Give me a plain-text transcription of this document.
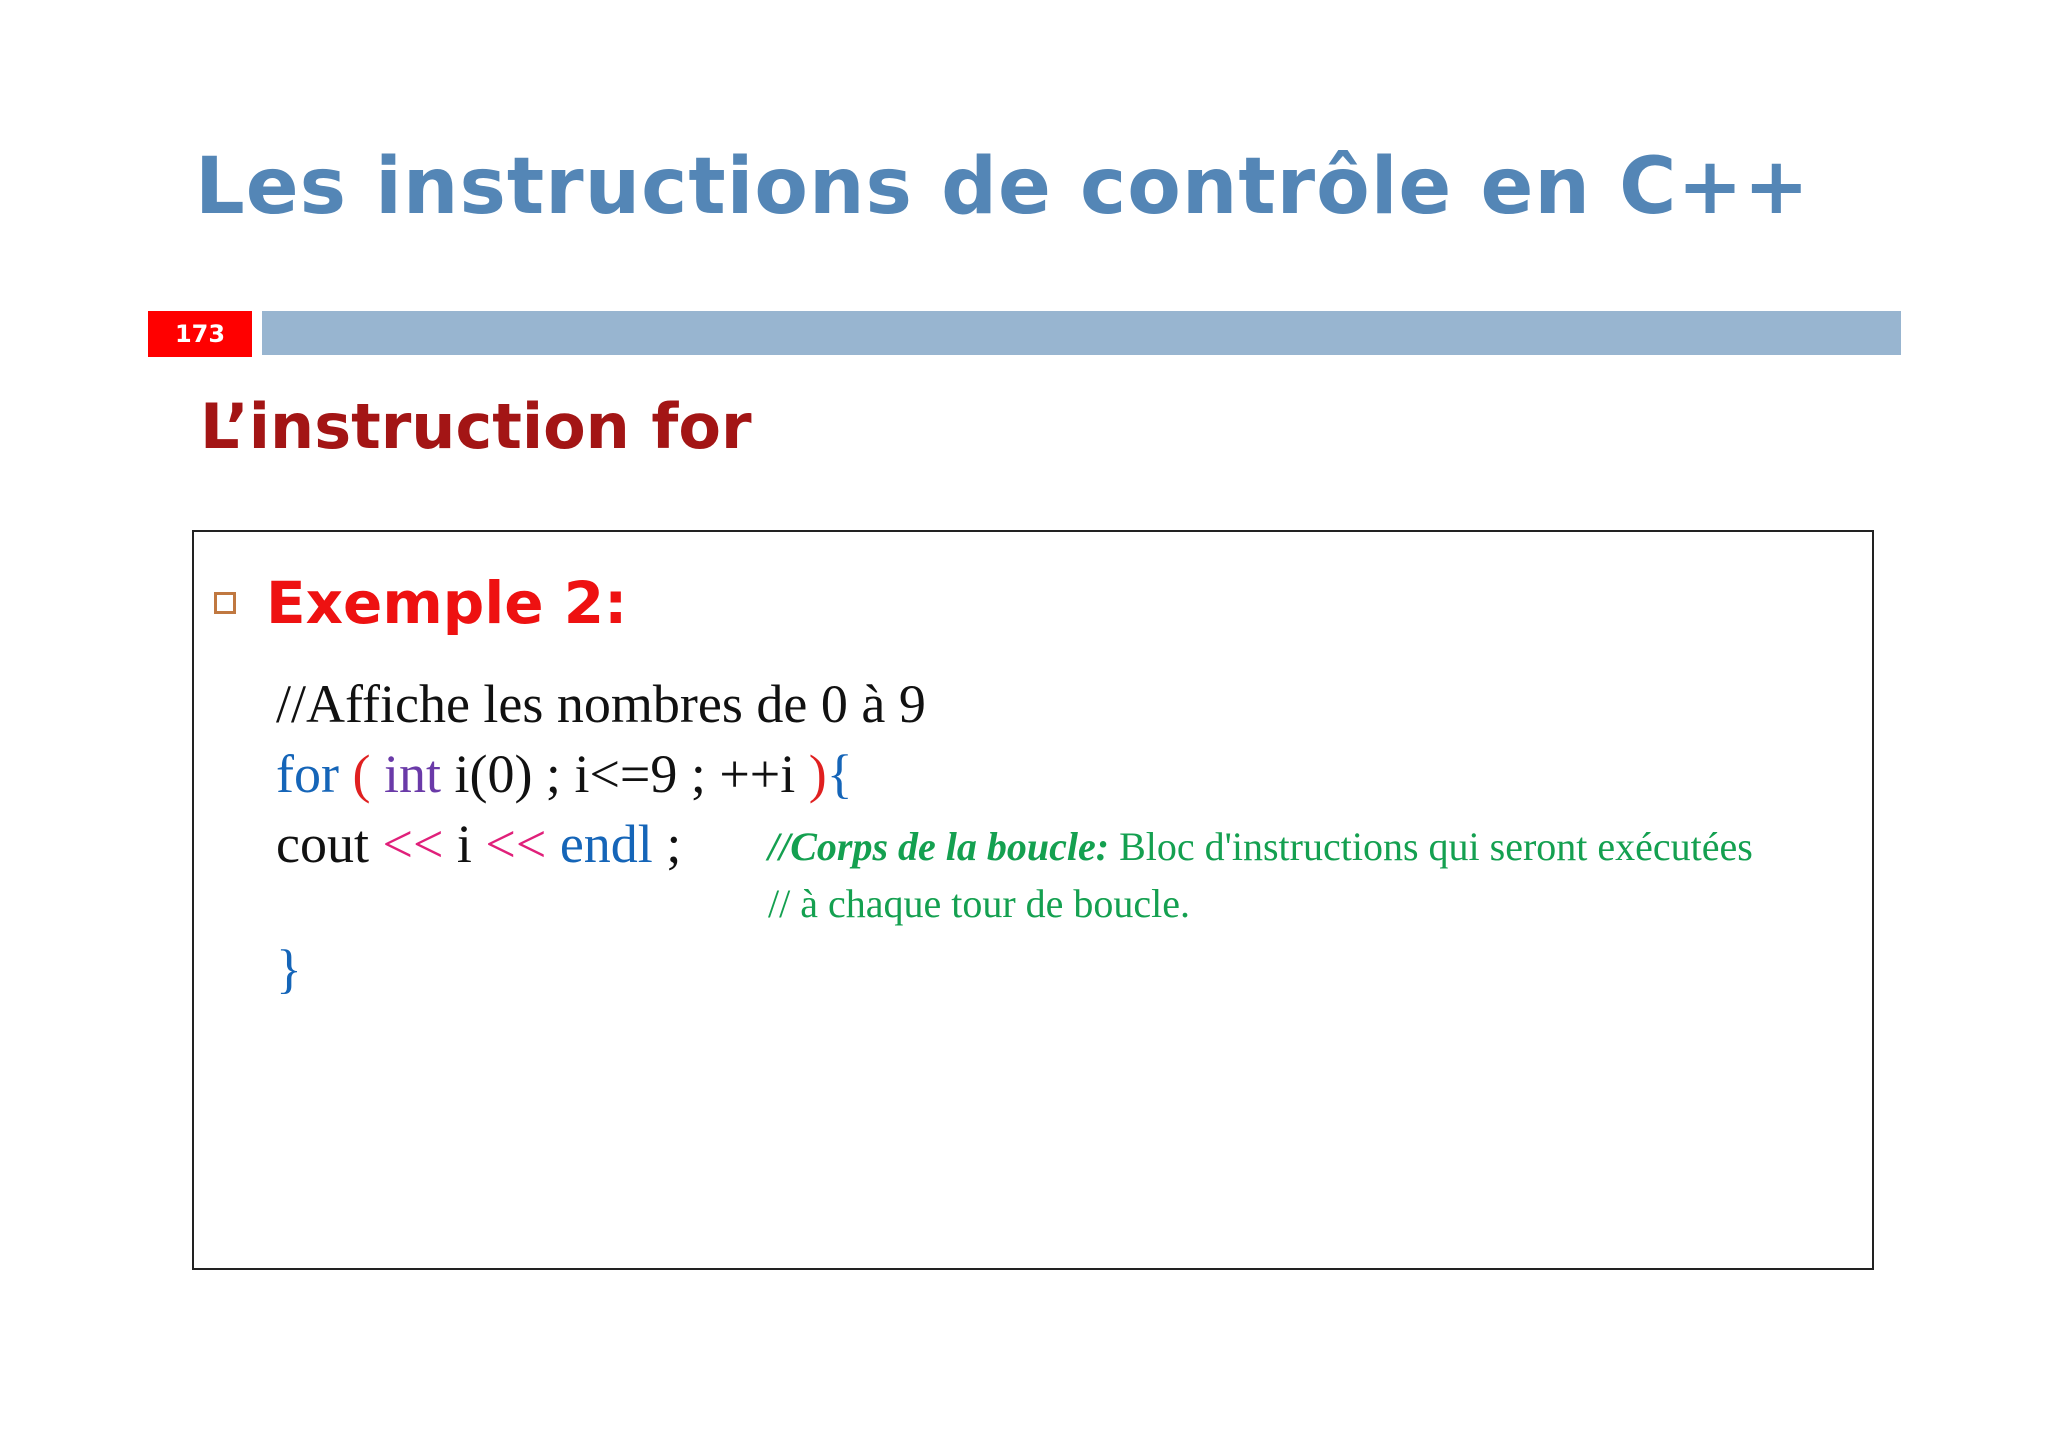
Les instructions de contrôle en C++
173
L’instruction for
Exemple 2:
//Affiche les nombres de 0 à 9
for ( int i(0) ; i<=9 ; ++i ){
cout << i << endl ; //Corps de la boucle: Bloc d'instructions qui seront exécutées
// à chaque tour de boucle.
}
